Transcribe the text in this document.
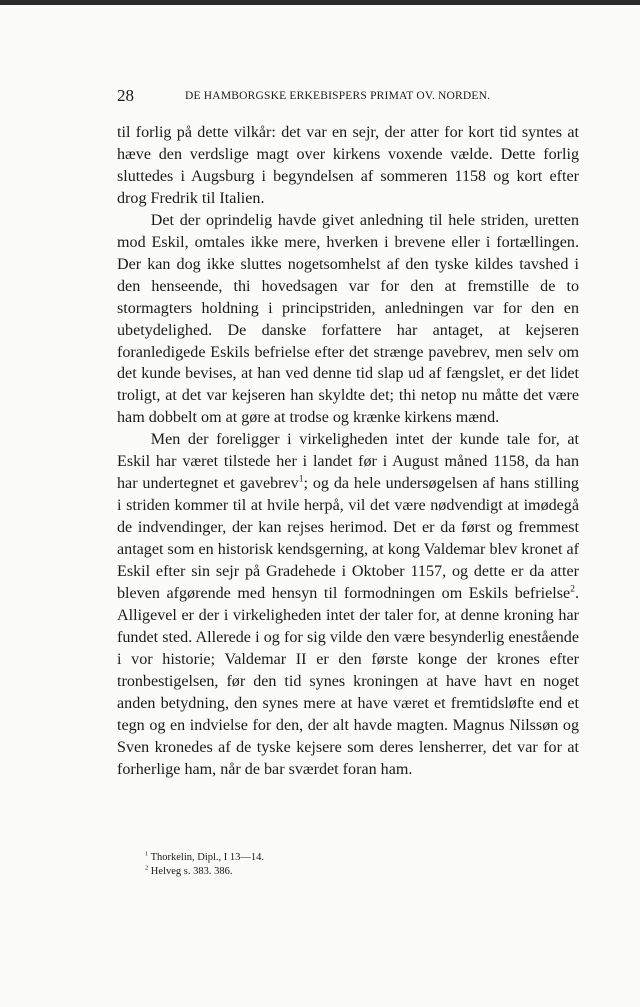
28	DE HAMBORGSKE ERKEBISPERS PRIMAT OV. NORDEN.

til forlig på dette vilkår: det var en sejr, der atter for kort tid syntes at hæve den verdslige magt over kirkens voxende vælde. Dette forlig sluttedes i Augsburg i begyndelsen af sommeren 1158 og kort efter drog Fredrik til Italien.

Det der oprindelig havde givet anledning til hele striden, uretten mod Eskil, omtales ikke mere, hverken i brevene eller i fortællingen. Der kan dog ikke sluttes nogetsomhelst af den tyske kildes tavshed i den henseende, thi hovedsagen var for den at fremstille de to stormagters holdning i principstriden, anledningen var for den en ubetydelighed. De danske forfattere har antaget, at kejseren foranledigede Eskils befrielse efter det strænge pavebrev, men selv om det kunde bevises, at han ved denne tid slap ud af fængslet, er det lidet troligt, at det var kejseren han skyldte det; thi netop nu måtte det være ham dobbelt om at gøre at trodse og krænke kirkens mænd.

Men der foreligger i virkeligheden intet der kunde tale for, at Eskil har været tilstede her i landet før i August måned 1158, da han har undertegnet et gavebrev$^1$; og da hele undersøgelsen af hans stilling i striden kommer til at hvile herpå, vil det være nødvendigt at imødegå de indvendinger, der kan rejses herimod. Det er da først og fremmest antaget som en historisk kendsgerning, at kong Valdemar blev kronet af Eskil efter sin sejr på Gradehede i Oktober 1157, og dette er da atter bleven afgørende med hensyn til formodningen om Eskils befrielse$^2$. Alligevel er der i virkeligheden intet der taler for, at denne kroning har fundet sted. Allerede i og for sig vilde den være besynderlig enestående i vor historie; Valdemar II er den første konge der krones efter tronbestigelsen, før den tid synes kroningen at have havt en noget anden betydning, den synes mere at have været et fremtidsløfte end et tegn og en indvielse for den, der alt havde magten. Magnus Nilssøn og Sven kronedes af de tyske kejsere som deres lensherrer, det var for at forherlige ham, når de bar sværdet foran ham.

$^1$ Thorkelin, Dipl., I 13—14.
$^2$ Helveg s. 383. 386.
